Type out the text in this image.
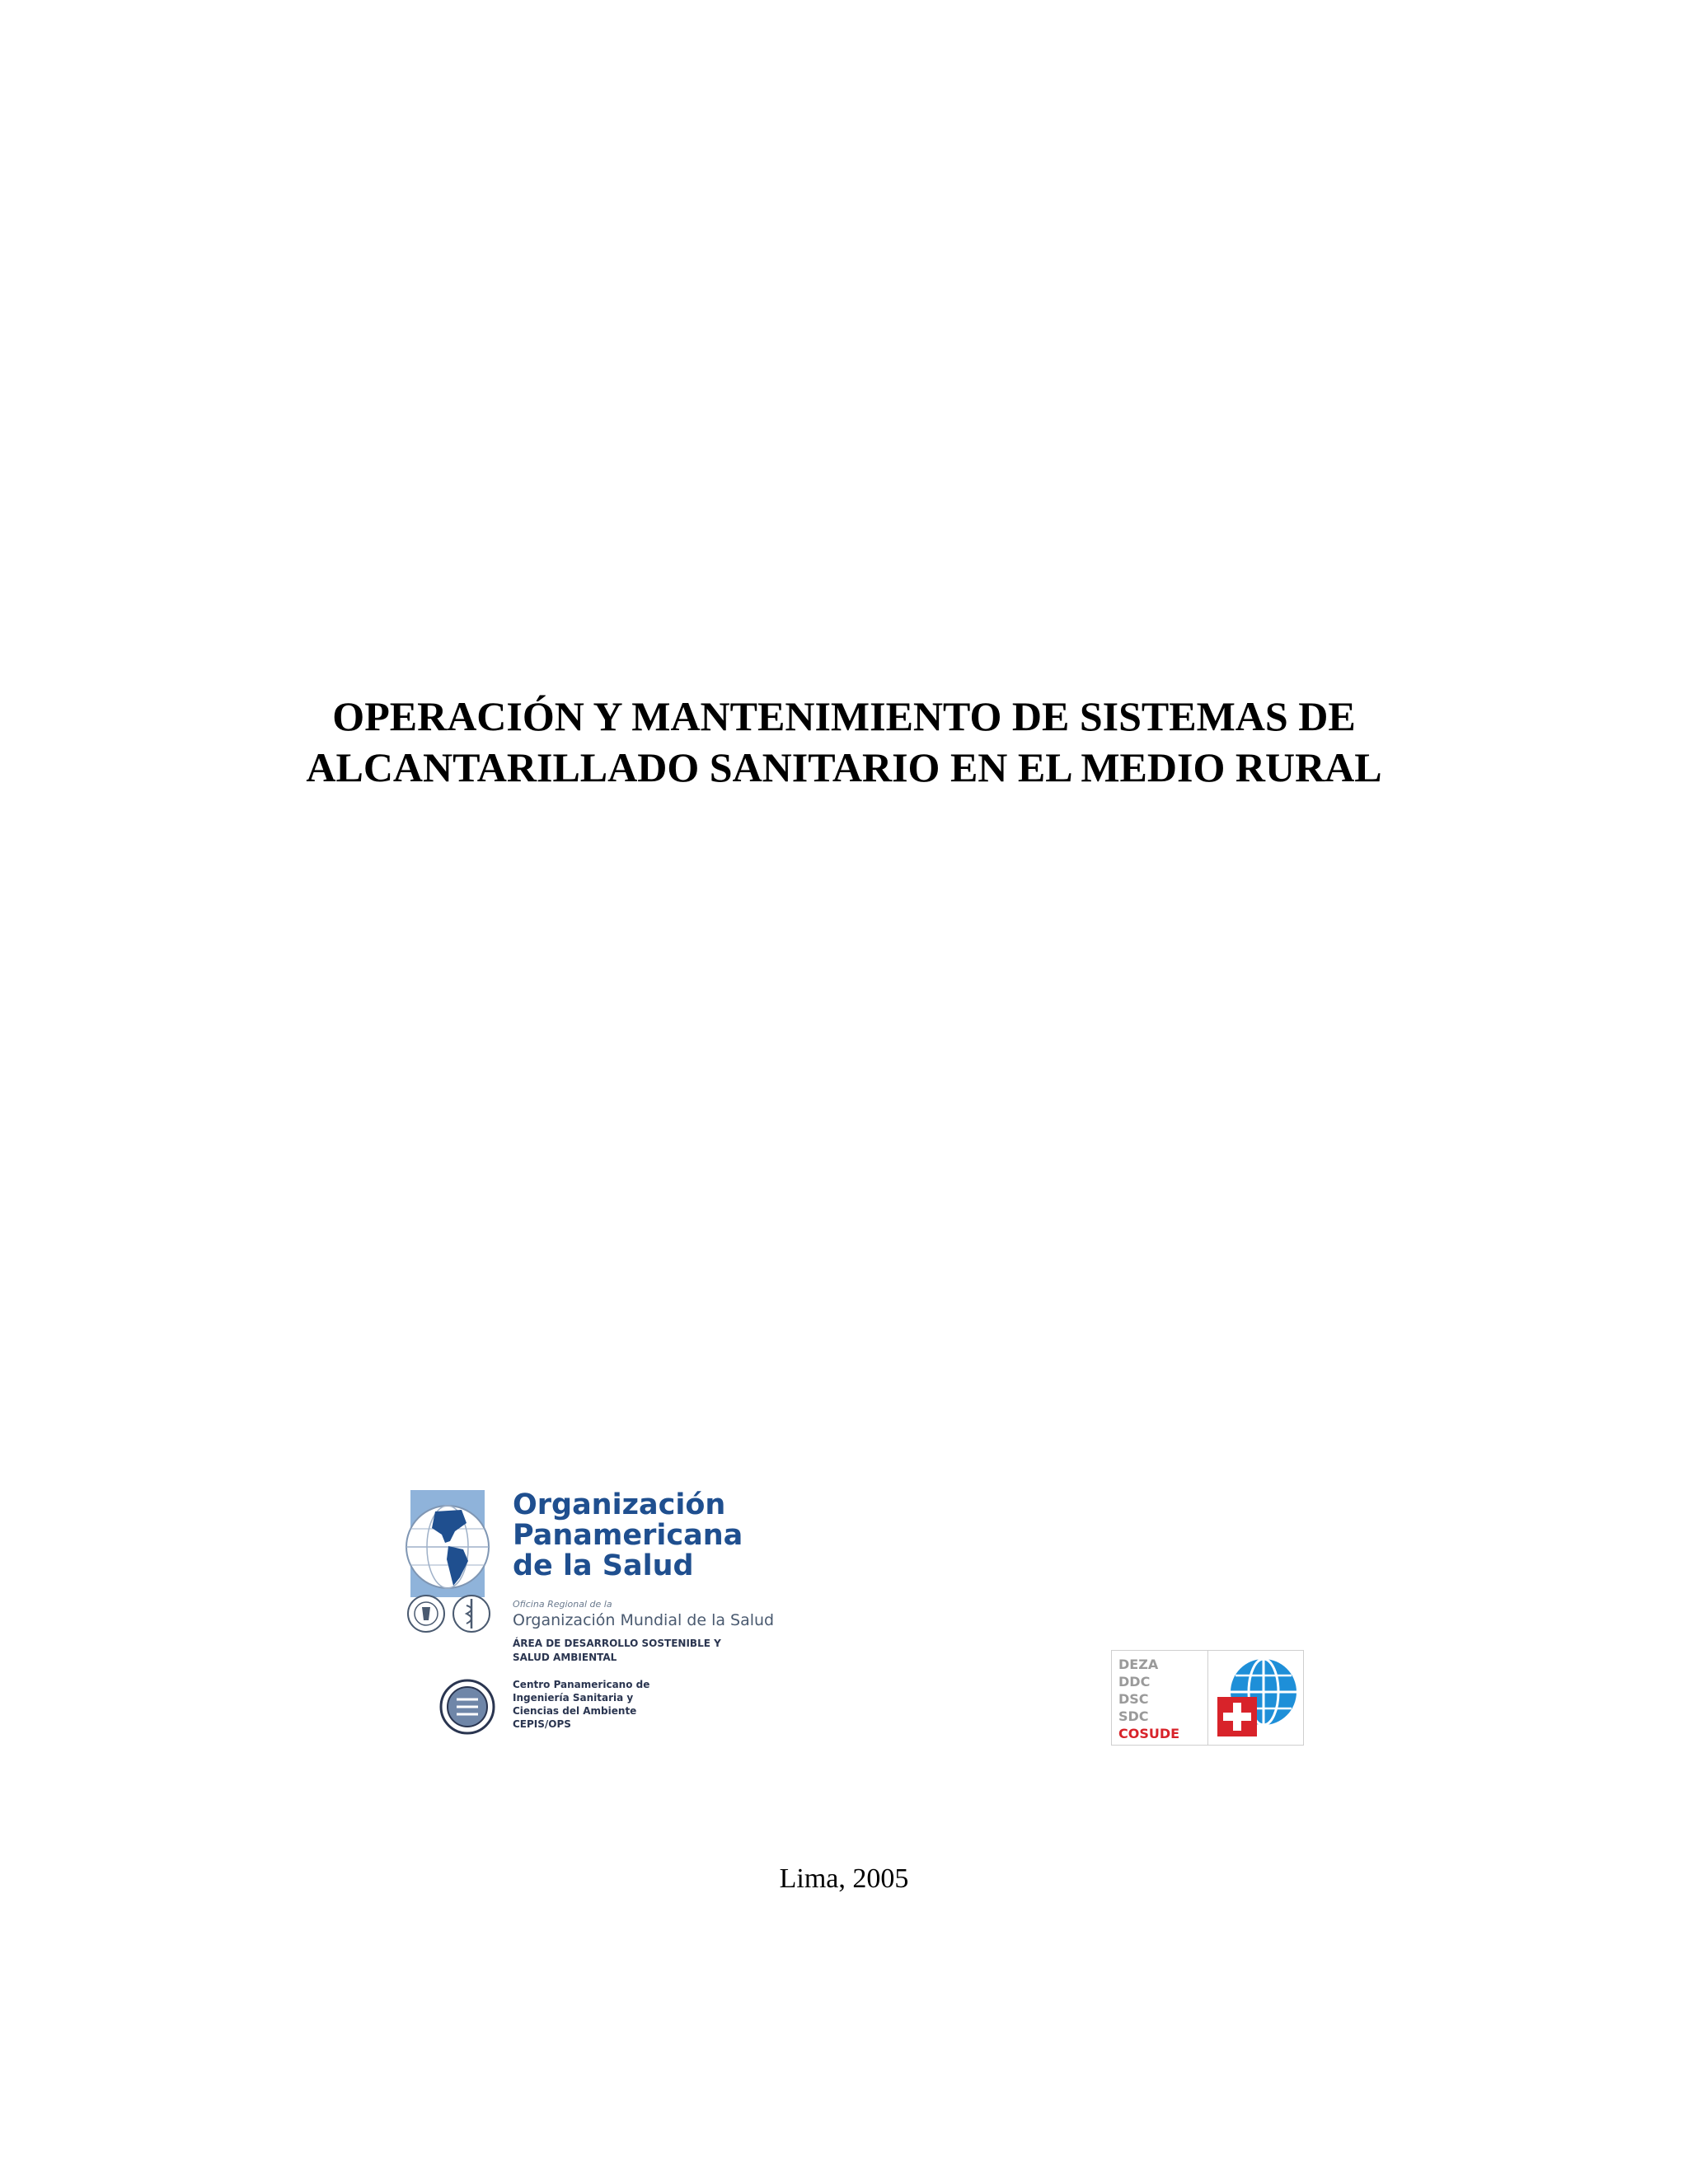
OPERACIÓN Y MANTENIMIENTO DE SISTEMAS DE
ALCANTARILLADO SANITARIO EN EL MEDIO RURAL
Organización
Panamericana
de la Salud
Oficina Regional de la
Organización Mundial de la Salud
ÁREA DE DESARROLLO SOSTENIBLE Y
SALUD AMBIENTAL
Centro Panamericano de
Ingeniería Sanitaria y
Ciencias del Ambiente
CEPIS/OPS
DEZA
DDC
DSC
SDC
COSUDE
Lima, 2005
